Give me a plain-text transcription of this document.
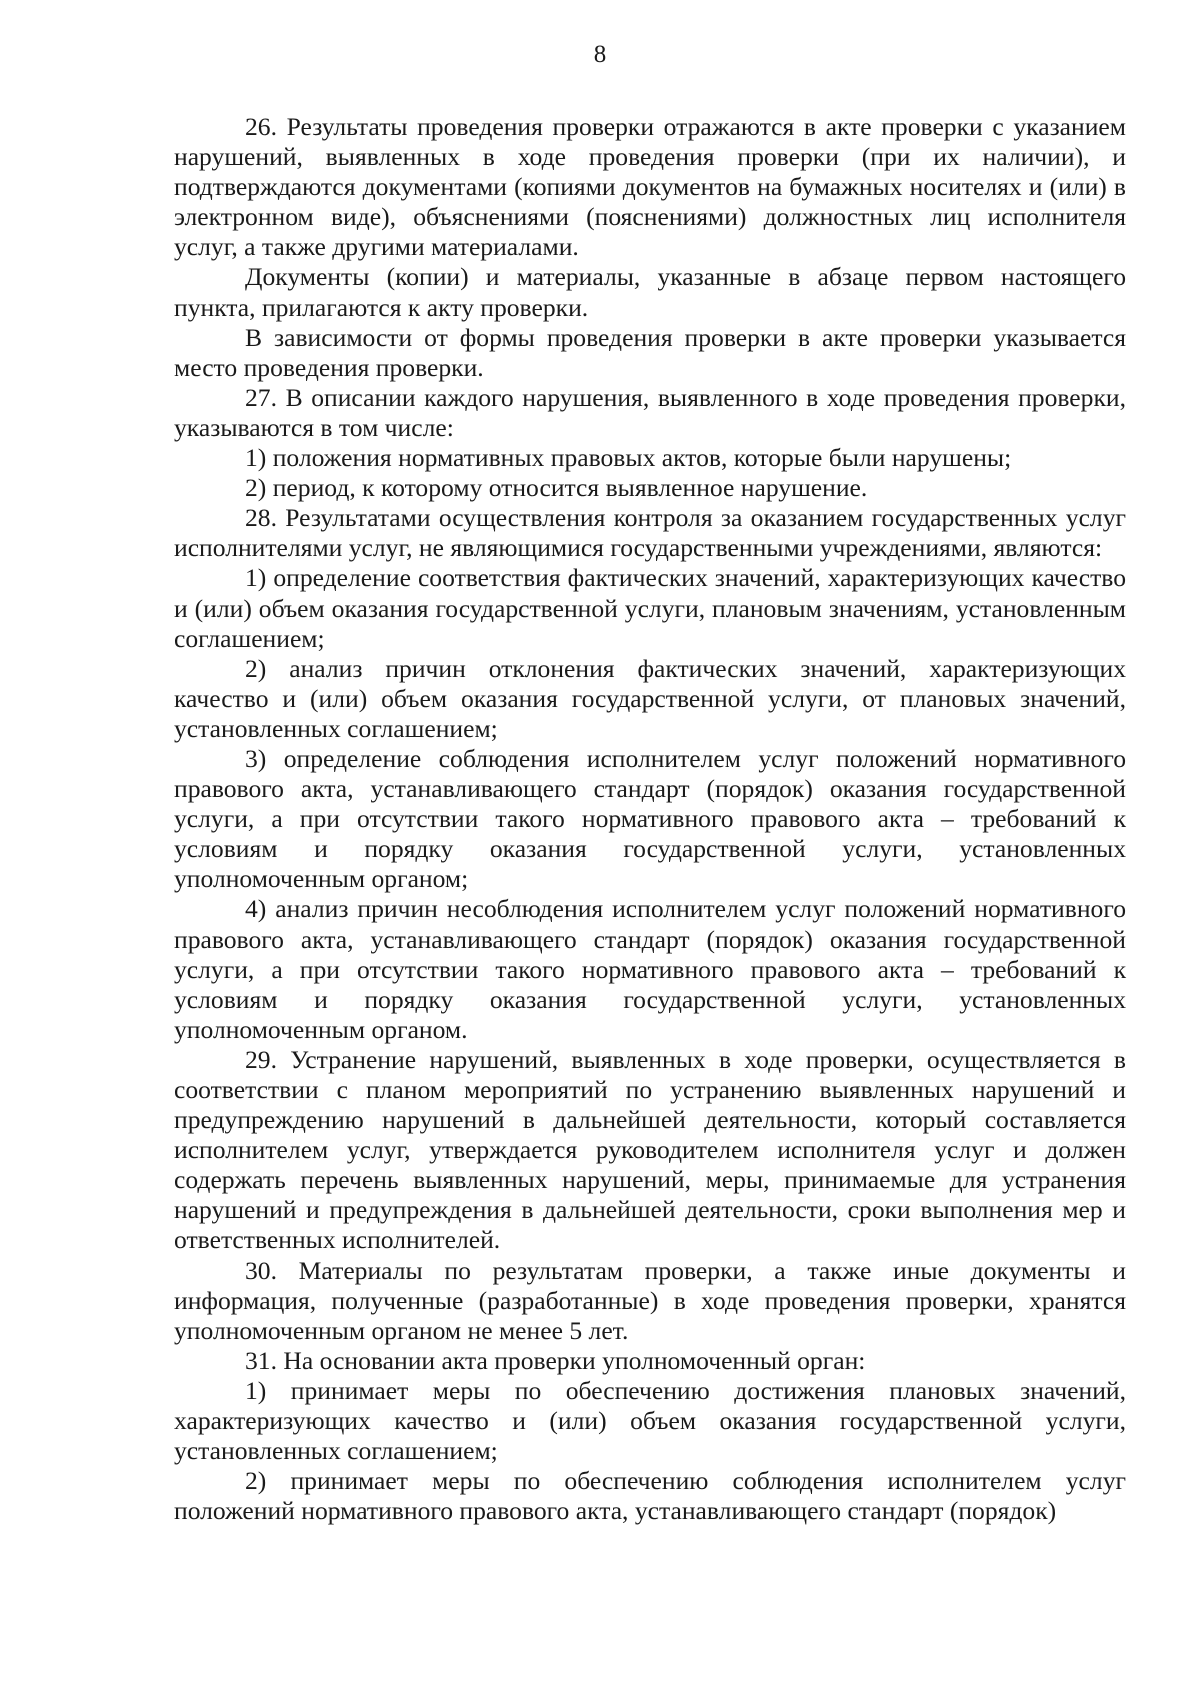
8

26. Результаты проведения проверки отражаются в акте проверки с указанием нарушений, выявленных в ходе проведения проверки (при их наличии), и подтверждаются документами (копиями документов на бумажных носителях и (или) в электронном виде), объяснениями (пояснениями) должностных лиц исполнителя услуг, а также другими материалами.

Документы (копии) и материалы, указанные в абзаце первом настоящего пункта, прилагаются к акту проверки.

В зависимости от формы проведения проверки в акте проверки указывается место проведения проверки.

27. В описании каждого нарушения, выявленного в ходе проведения проверки, указываются в том числе:

1) положения нормативных правовых актов, которые были нарушены;

2) период, к которому относится выявленное нарушение.

28. Результатами осуществления контроля за оказанием государственных услуг исполнителями услуг, не являющимися государственными учреждениями, являются:

1) определение соответствия фактических значений, характеризующих качество и (или) объем оказания государственной услуги, плановым значениям, установленным соглашением;

2) анализ причин отклонения фактических значений, характеризующих качество и (или) объем оказания государственной услуги, от плановых значений, установленных соглашением;

3) определение соблюдения исполнителем услуг положений нормативного правового акта, устанавливающего стандарт (порядок) оказания государственной услуги, а при отсутствии такого нормативного правового акта – требований к условиям и порядку оказания государственной услуги, установленных уполномоченным органом;

4) анализ причин несоблюдения исполнителем услуг положений нормативного правового акта, устанавливающего стандарт (порядок) оказания государственной услуги, а при отсутствии такого нормативного правового акта – требований к условиям и порядку оказания государственной услуги, установленных уполномоченным органом.

29. Устранение нарушений, выявленных в ходе проверки, осуществляется в соответствии с планом мероприятий по устранению выявленных нарушений и предупреждению нарушений в дальнейшей деятельности, который составляется исполнителем услуг, утверждается руководителем исполнителя услуг и должен содержать перечень выявленных нарушений, меры, принимаемые для устранения нарушений и предупреждения в дальнейшей деятельности, сроки выполнения мер и ответственных исполнителей.

30. Материалы по результатам проверки, а также иные документы и информация, полученные (разработанные) в ходе проведения проверки, хранятся уполномоченным органом не менее 5 лет.

31. На основании акта проверки уполномоченный орган:

1) принимает меры по обеспечению достижения плановых значений, характеризующих качество и (или) объем оказания государственной услуги, установленных соглашением;

2) принимает меры по обеспечению соблюдения исполнителем услуг положений нормативного правового акта, устанавливающего стандарт (порядок)
